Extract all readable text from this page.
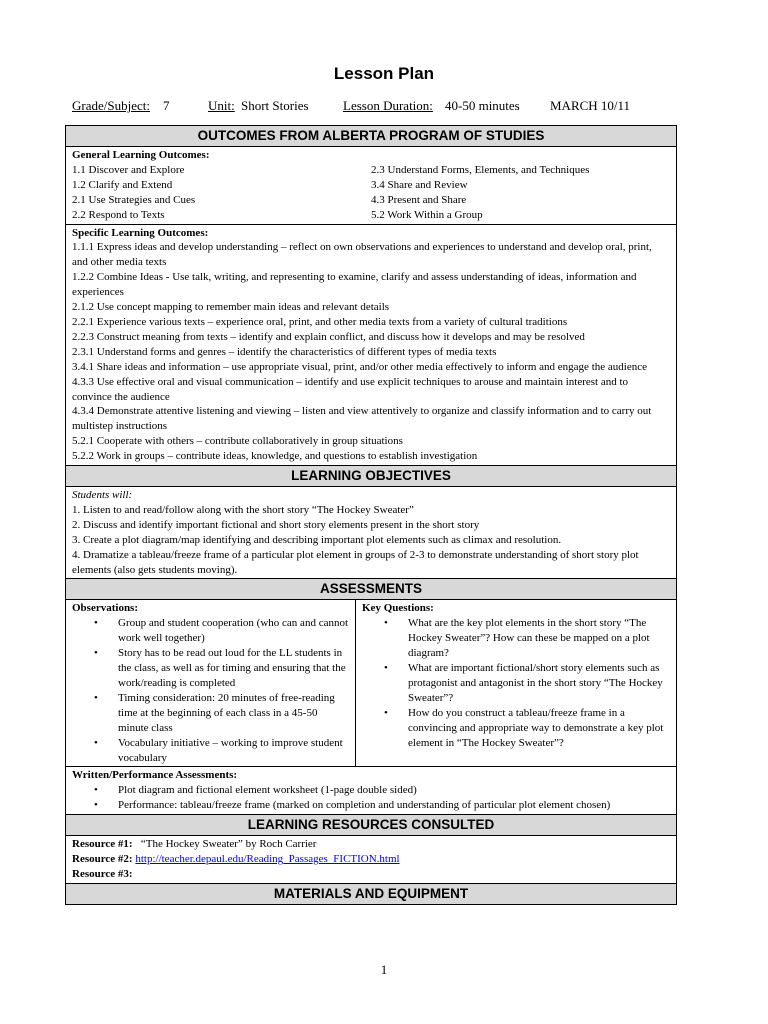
Lesson Plan
Grade/Subject: 7	Unit: Short Stories	Lesson Duration: 40-50 minutes MARCH 10/11
OUTCOMES FROM ALBERTA PROGRAM OF STUDIES
General Learning Outcomes:
1.1 Discover and Explore
1.2 Clarify and Extend
2.1 Use Strategies and Cues
2.2 Respond to Texts
2.3 Understand Forms, Elements, and Techniques
3.4 Share and Review
4.3 Present and Share
5.2 Work Within a Group
Specific Learning Outcomes:
1.1.1 Express ideas and develop understanding – reflect on own observations and experiences to understand and develop oral, print, and other media texts
1.2.2 Combine Ideas - Use talk, writing, and representing to examine, clarify and assess understanding of ideas, information and experiences
2.1.2 Use concept mapping to remember main ideas and relevant details
2.2.1 Experience various texts – experience oral, print, and other media texts from a variety of cultural traditions
2.2.3 Construct meaning from texts – identify and explain conflict, and discuss how it develops and may be resolved
2.3.1 Understand forms and genres – identify the characteristics of different types of media texts
3.4.1 Share ideas and information – use appropriate visual, print, and/or other media effectively to inform and engage the audience
4.3.3 Use effective oral and visual communication – identify and use explicit techniques to arouse and maintain interest and to convince the audience
4.3.4 Demonstrate attentive listening and viewing – listen and view attentively to organize and classify information and to carry out multistep instructions
5.2.1 Cooperate with others – contribute collaboratively in group situations
5.2.2 Work in groups – contribute ideas, knowledge, and questions to establish investigation
LEARNING OBJECTIVES
Students will:
1. Listen to and read/follow along with the short story “The Hockey Sweater”
2. Discuss and identify important fictional and short story elements present in the short story
3. Create a plot diagram/map identifying and describing important plot elements such as climax and resolution.
4. Dramatize a tableau/freeze frame of a particular plot element in groups of 2-3 to demonstrate understanding of short story plot elements (also gets students moving).
ASSESSMENTS
Observations:
• Group and student cooperation (who can and cannot work well together)
• Story has to be read out loud for the LL students in the class, as well as for timing and ensuring that the work/reading is completed
• Timing consideration: 20 minutes of free-reading time at the beginning of each class in a 45-50 minute class
• Vocabulary initiative – working to improve student vocabulary
Key Questions:
• What are the key plot elements in the short story “The Hockey Sweater”? How can these be mapped on a plot diagram?
• What are important fictional/short story elements such as protagonist and antagonist in the short story “The Hockey Sweater”?
• How do you construct a tableau/freeze frame in a convincing and appropriate way to demonstrate a key plot element in “The Hockey Sweater”?
Written/Performance Assessments:
• Plot diagram and fictional element worksheet (1-page double sided)
• Performance: tableau/freeze frame (marked on completion and understanding of particular plot element chosen)
LEARNING RESOURCES CONSULTED
Resource #1: “The Hockey Sweater” by Roch Carrier
Resource #2: http://teacher.depaul.edu/Reading_Passages_FICTION.html
Resource #3:
MATERIALS AND EQUIPMENT
1
